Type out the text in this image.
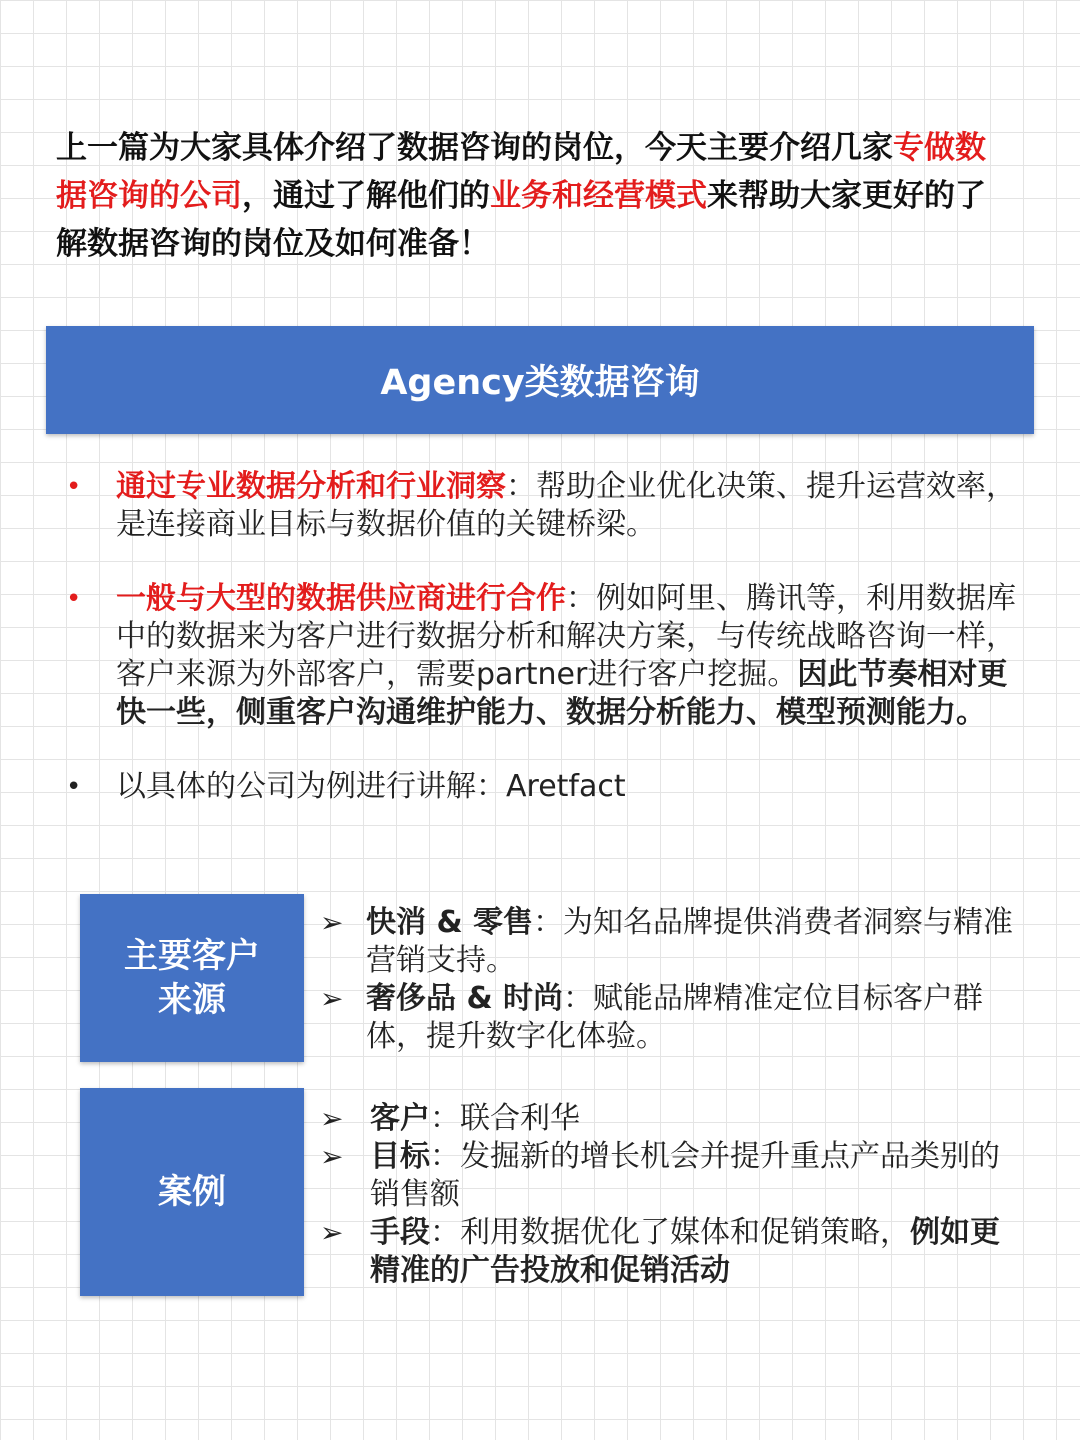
上一篇为大家具体介绍了数据咨询的岗位，今天主要介绍几家专做数据咨询的公司，通过了解他们的业务和经营模式来帮助大家更好的了解数据咨询的岗位及如何准备！
Agency类数据咨询
• 通过专业数据分析和行业洞察：帮助企业优化决策、提升运营效率，是连接商业目标与数据价值的关键桥梁。
• 一般与大型的数据供应商进行合作：例如阿里、腾讯等，利用数据库中的数据来为客户进行数据分析和解决方案，与传统战略咨询一样，客户来源为外部客户，需要partner进行客户挖掘。因此节奏相对更快一些，侧重客户沟通维护能力、数据分析能力、模型预测能力。
• 以具体的公司为例进行讲解：Aretfact
主要客户
来源
➢ 快消 & 零售：为知名品牌提供消费者洞察与精准营销支持。
➢ 奢侈品 & 时尚：赋能品牌精准定位目标客户群体，提升数字化体验。
案例
➢ 客户：联合利华
➢ 目标：发掘新的增长机会并提升重点产品类别的销售额
➢ 手段：利用数据优化了媒体和促销策略，例如更精准的广告投放和促销活动
